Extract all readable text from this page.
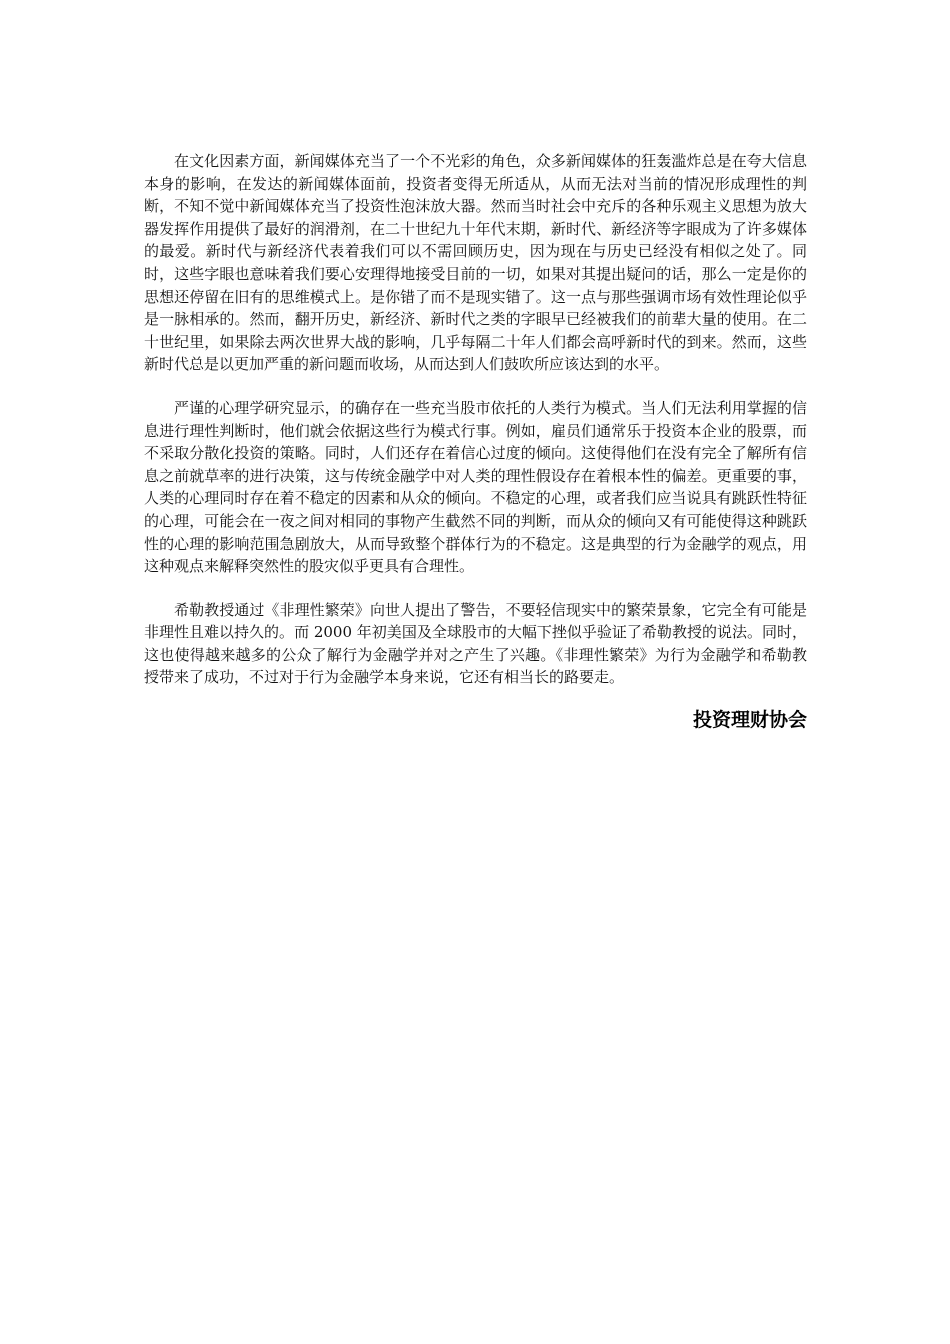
在文化因素方面，新闻媒体充当了一个不光彩的角色，众多新闻媒体的狂轰滥炸总是在夸大信息本身的影响，在发达的新闻媒体面前，投资者变得无所适从，从而无法对当前的情况形成理性的判断，不知不觉中新闻媒体充当了投资性泡沫放大器。然而当时社会中充斥的各种乐观主义思想为放大器发挥作用提供了最好的润滑剂，在二十世纪九十年代末期，新时代、新经济等字眼成为了许多媒体的最爱。新时代与新经济代表着我们可以不需回顾历史，因为现在与历史已经没有相似之处了。同时，这些字眼也意味着我们要心安理得地接受目前的一切，如果对其提出疑问的话，那么一定是你的思想还停留在旧有的思维模式上。是你错了而不是现实错了。这一点与那些强调市场有效性理论似乎是一脉相承的。然而，翻开历史，新经济、新时代之类的字眼早已经被我们的前辈大量的使用。在二十世纪里，如果除去两次世界大战的影响，几乎每隔二十年人们都会高呼新时代的到来。然而，这些新时代总是以更加严重的新问题而收场，从而达到人们鼓吹所应该达到的水平。

严谨的心理学研究显示，的确存在一些充当股市依托的人类行为模式。当人们无法利用掌握的信息进行理性判断时，他们就会依据这些行为模式行事。例如，雇员们通常乐于投资本企业的股票，而不采取分散化投资的策略。同时，人们还存在着信心过度的倾向。这使得他们在没有完全了解所有信息之前就草率的进行决策，这与传统金融学中对人类的理性假设存在着根本性的偏差。更重要的事，人类的心理同时存在着不稳定的因素和从众的倾向。不稳定的心理，或者我们应当说具有跳跃性特征的心理，可能会在一夜之间对相同的事物产生截然不同的判断，而从众的倾向又有可能使得这种跳跃性的心理的影响范围急剧放大，从而导致整个群体行为的不稳定。这是典型的行为金融学的观点，用这种观点来解释突然性的股灾似乎更具有合理性。

希勒教授通过《非理性繁荣》向世人提出了警告，不要轻信现实中的繁荣景象，它完全有可能是非理性且难以持久的。而 2000 年初美国及全球股市的大幅下挫似乎验证了希勒教授的说法。同时，这也使得越来越多的公众了解行为金融学并对之产生了兴趣。《非理性繁荣》为行为金融学和希勒教授带来了成功，不过对于行为金融学本身来说，它还有相当长的路要走。

投资理财协会
